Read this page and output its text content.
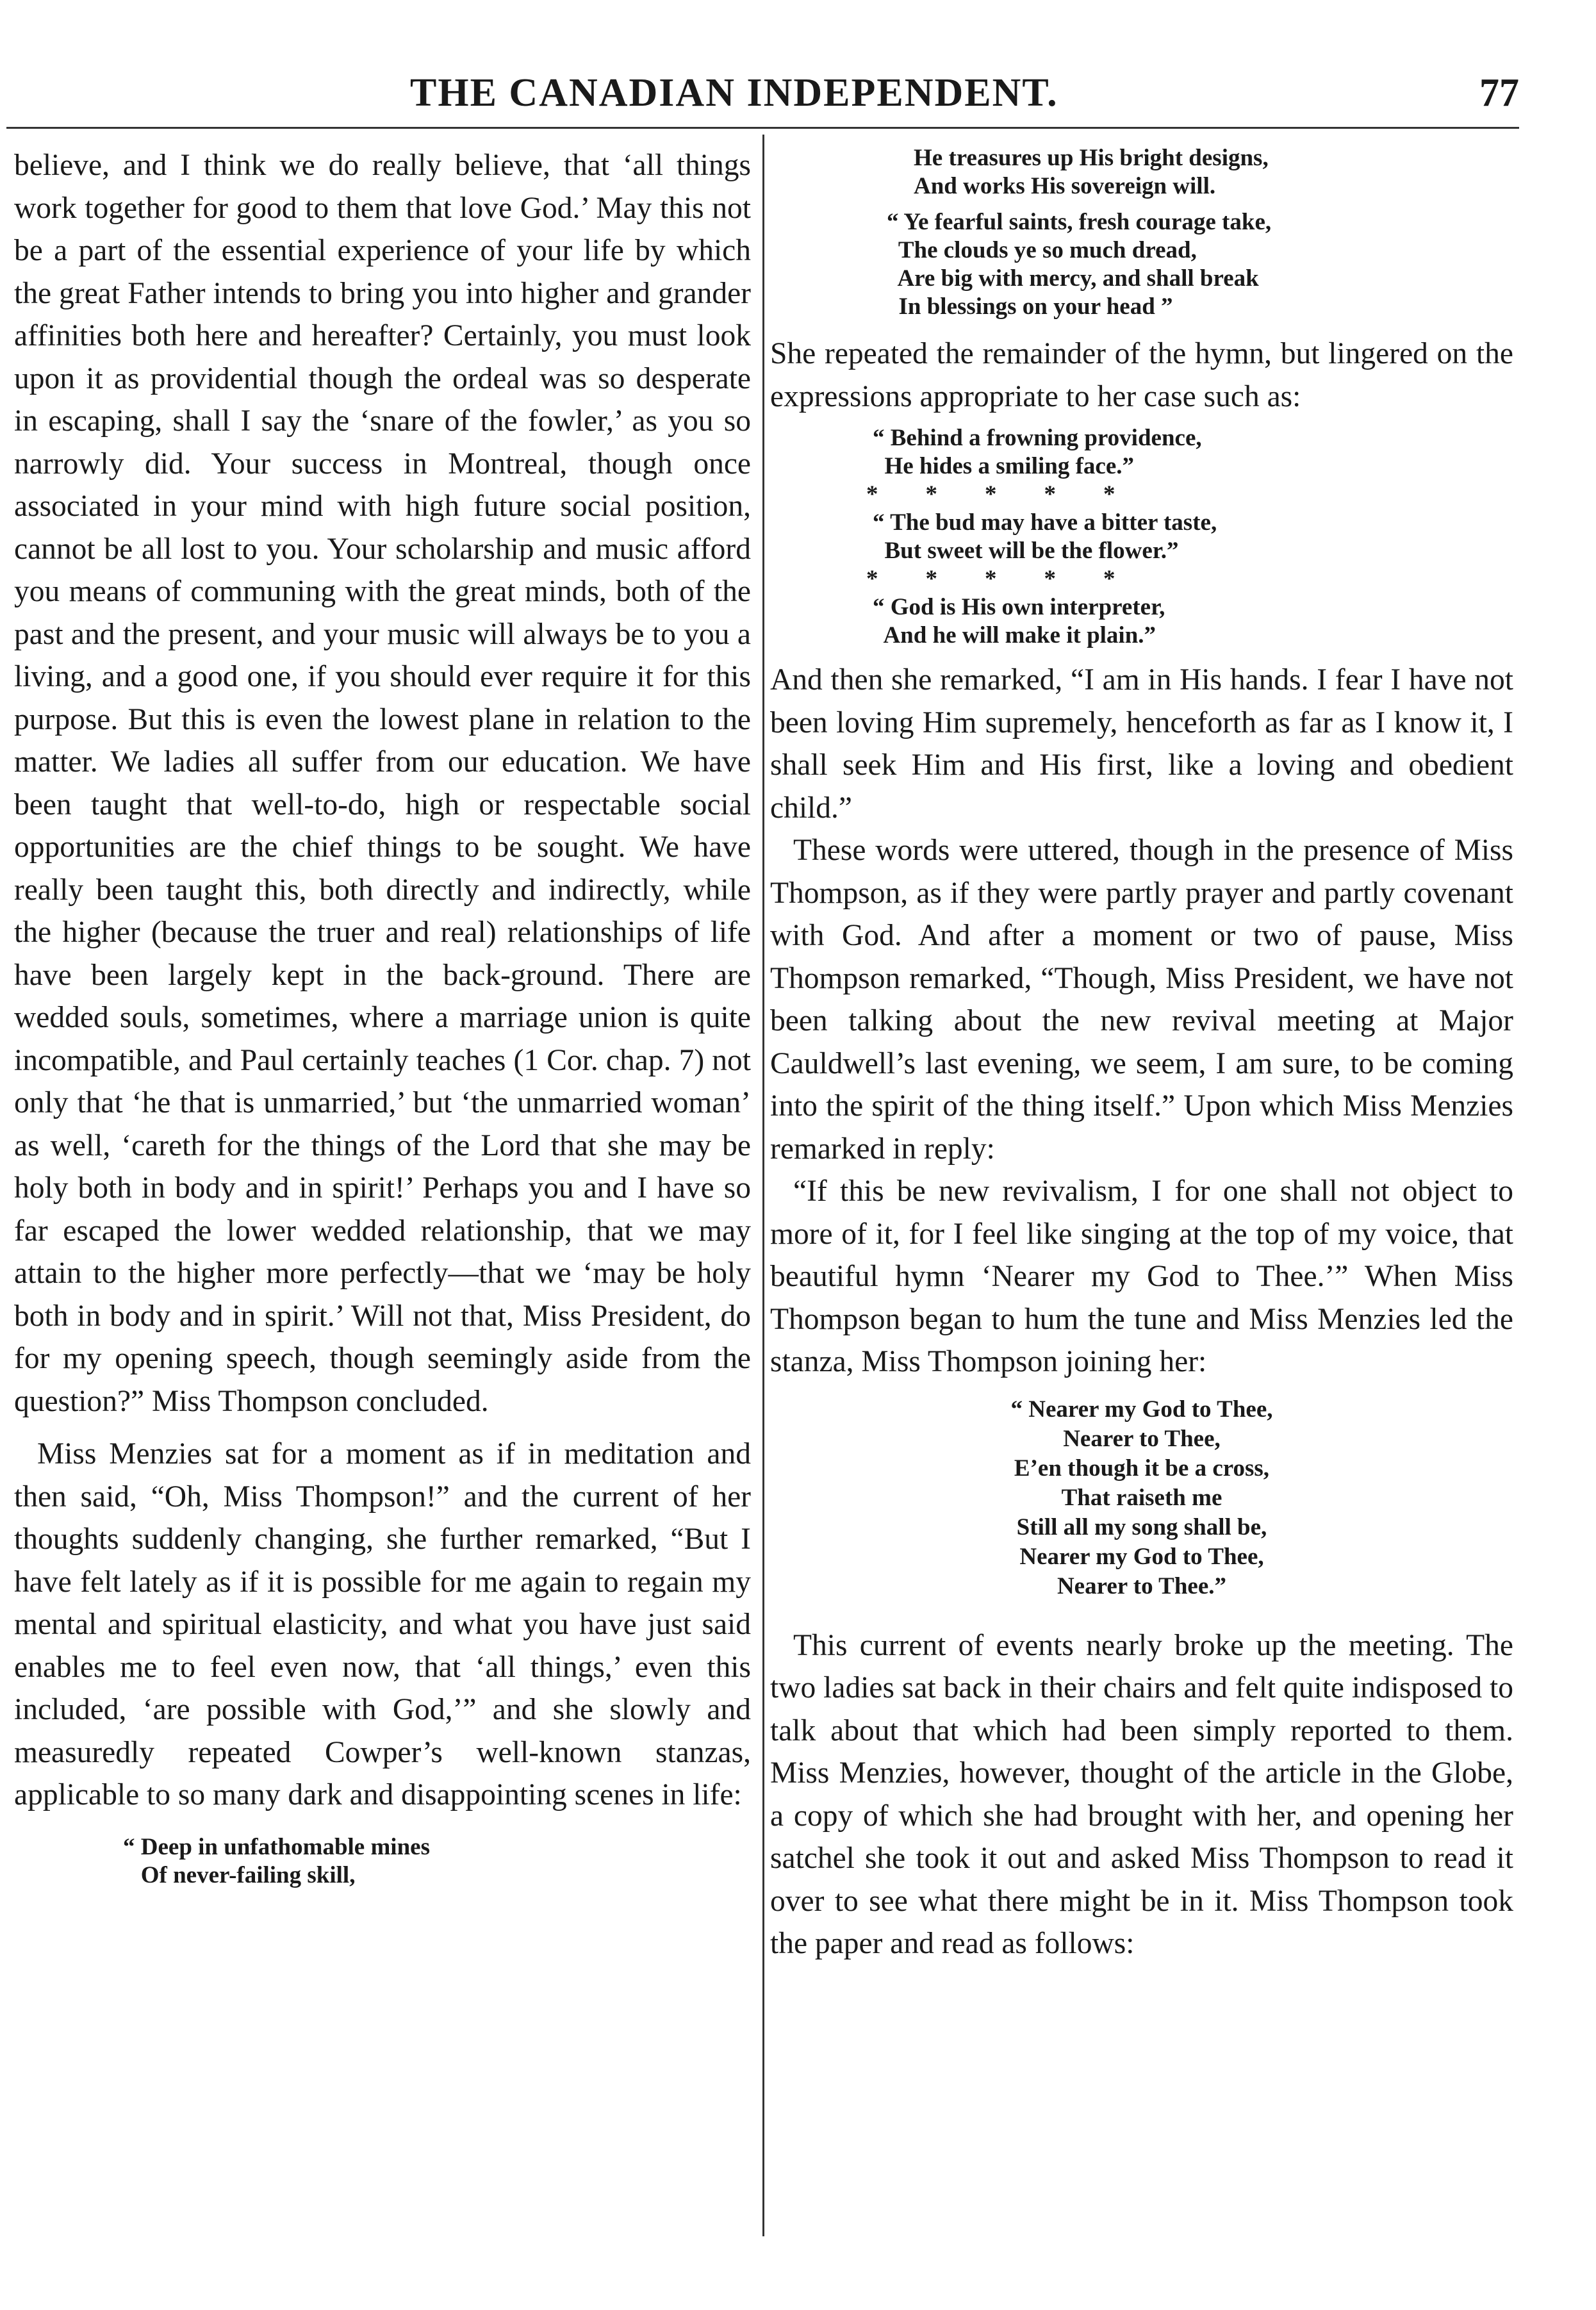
THE CANADIAN INDEPENDENT.	77

believe, and I think we do really believe, that ‘all things work together for good to them that love God.’ May this not be a part of the essential experience of your life by which the great Father intends to bring you into higher and grander affinities both here and hereafter? Certainly, you must look upon it as providential though the ordeal was so desperate in escaping, shall I say the ‘snare of the fowler,’ as you so narrowly did. Your success in Montreal, though once associated in your mind with high future social position, cannot be all lost to you. Your scholarship and music afford you means of communing with the great minds, both of the past and the present, and your music will always be to you a living, and a good one, if you should ever require it for this purpose. But this is even the lowest plane in relation to the matter. We ladies all suffer from our education. We have been taught that well-to-do, high or respectable social opportunities are the chief things to be sought. We have really been taught this, both directly and indirectly, while the higher (because the truer and real) relationships of life have been largely kept in the back-ground. There are wedded souls, sometimes, where a marriage union is quite incompatible, and Paul certainly teaches (1 Cor. chap. 7) not only that ‘he that is unmarried,’ but ‘the unmarried woman’ as well, ‘careth for the things of the Lord that she may be holy both in body and in spirit!’ Perhaps you and I have so far escaped the lower wedded relationship, that we may attain to the higher more perfectly—that we ‘may be holy both in body and in spirit.’ Will not that, Miss President, do for my opening speech, though seemingly aside from the question?” Miss Thompson concluded.

Miss Menzies sat for a moment as if in meditation and then said, “Oh, Miss Thompson!” and the current of her thoughts suddenly changing, she further remarked, “But I have felt lately as if it is possible for me again to regain my mental and spiritual elasticity, and what you have just said enables me to feel even now, that ‘all things,’ even this included, ‘are possible with God,’” and she slowly and measuredly repeated Cowper’s well-known stanzas, applicable to so many dark and disappointing scenes in life:

“ Deep in unfathomable mines
Of never-failing skill,
He treasures up His bright designs,
And works His sovereign will.
“ Ye fearful saints, fresh courage take,
The clouds ye so much dread,
Are big with mercy, and shall break
In blessings on your head ”

She repeated the remainder of the hymn, but lingered on the expressions appropriate to her case such as:

“ Behind a frowning providence,
He hides a smiling face.”
*        *        *        *        *
“ The bud may have a bitter taste,
But sweet will be the flower.”
*        *        *        *        *
“ God is His own interpreter,
And he will make it plain.”

And then she remarked, “I am in His hands. I fear I have not been loving Him supremely, henceforth as far as I know it, I shall seek Him and His first, like a loving and obedient child.”

These words were uttered, though in the presence of Miss Thompson, as if they were partly prayer and partly covenant with God. And after a moment or two of pause, Miss Thompson remarked, “Though, Miss President, we have not been talking about the new revival meeting at Major Cauldwell’s last evening, we seem, I am sure, to be coming into the spirit of the thing itself.” Upon which Miss Menzies remarked in reply:

“If this be new revivalism, I for one shall not object to more of it, for I feel like singing at the top of my voice, that beautiful hymn ‘Nearer my God to Thee.’” When Miss Thompson began to hum the tune and Miss Menzies led the stanza, Miss Thompson joining her:

“ Nearer my God to Thee,
Nearer to Thee,
E’en though it be a cross,
That raiseth me
Still all my song shall be,
Nearer my God to Thee,
Nearer to Thee.”

This current of events nearly broke up the meeting. The two ladies sat back in their chairs and felt quite indisposed to talk about that which had been simply reported to them. Miss Menzies, however, thought of the article in the Globe, a copy of which she had brought with her, and opening her satchel she took it out and asked Miss Thompson to read it over to see what there might be in it. Miss Thompson took the paper and read as follows:
